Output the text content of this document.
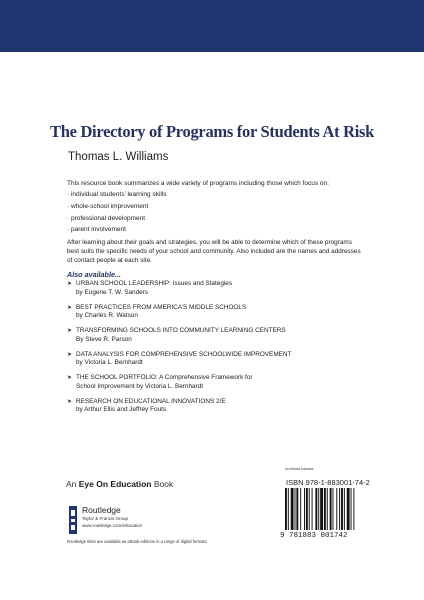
The Directory of Programs for Students At Risk
Thomas L. Williams
This resource book summarizes a wide variety of programs including those which focus on:
· individual students’ learning skills
· whole-school improvement
· professional development
· parent involvement
After learning about their goals and strategies, you will be able to determine which of these programs best suits the specific needs of your school and community. Also included are the names and addresses of contact people at each site.
Also available...
➤ URBAN SCHOOL LEADERSHIP: Issues and Stategies
by Eugene T. W. Sanders
➤ BEST PRACTICES FROM AMERICA’S MIDDLE SCHOOLS
by Charles R. Watson
➤ TRANSFORMING SCHOOLS INTO COMMUNITY LEARNING CENTERS
By Steve R. Parson
➤ DATA ANALYSIS FOR COMPREHENSIVE SCHOOLWIDE IMPROVEMENT
by Victoria L. Bernhardt
➤ THE SCHOOL PORTFOLIO: A Comprehensive Framework for
School Improvement by Victoria L. Bernhardt
➤ RESEARCH ON EDUCATIONAL INNOVATIONS 2/E
by Arthur Ellis and Jeffrey Fouts
An Eye On Education Book
an informa business
ISBN 978-1-883001-74-2
9 781883 001742
Routledge
Taylor & Francis Group
www.routledge.com/education
Routledge titles are available as eBook editions in a range of digital formats
